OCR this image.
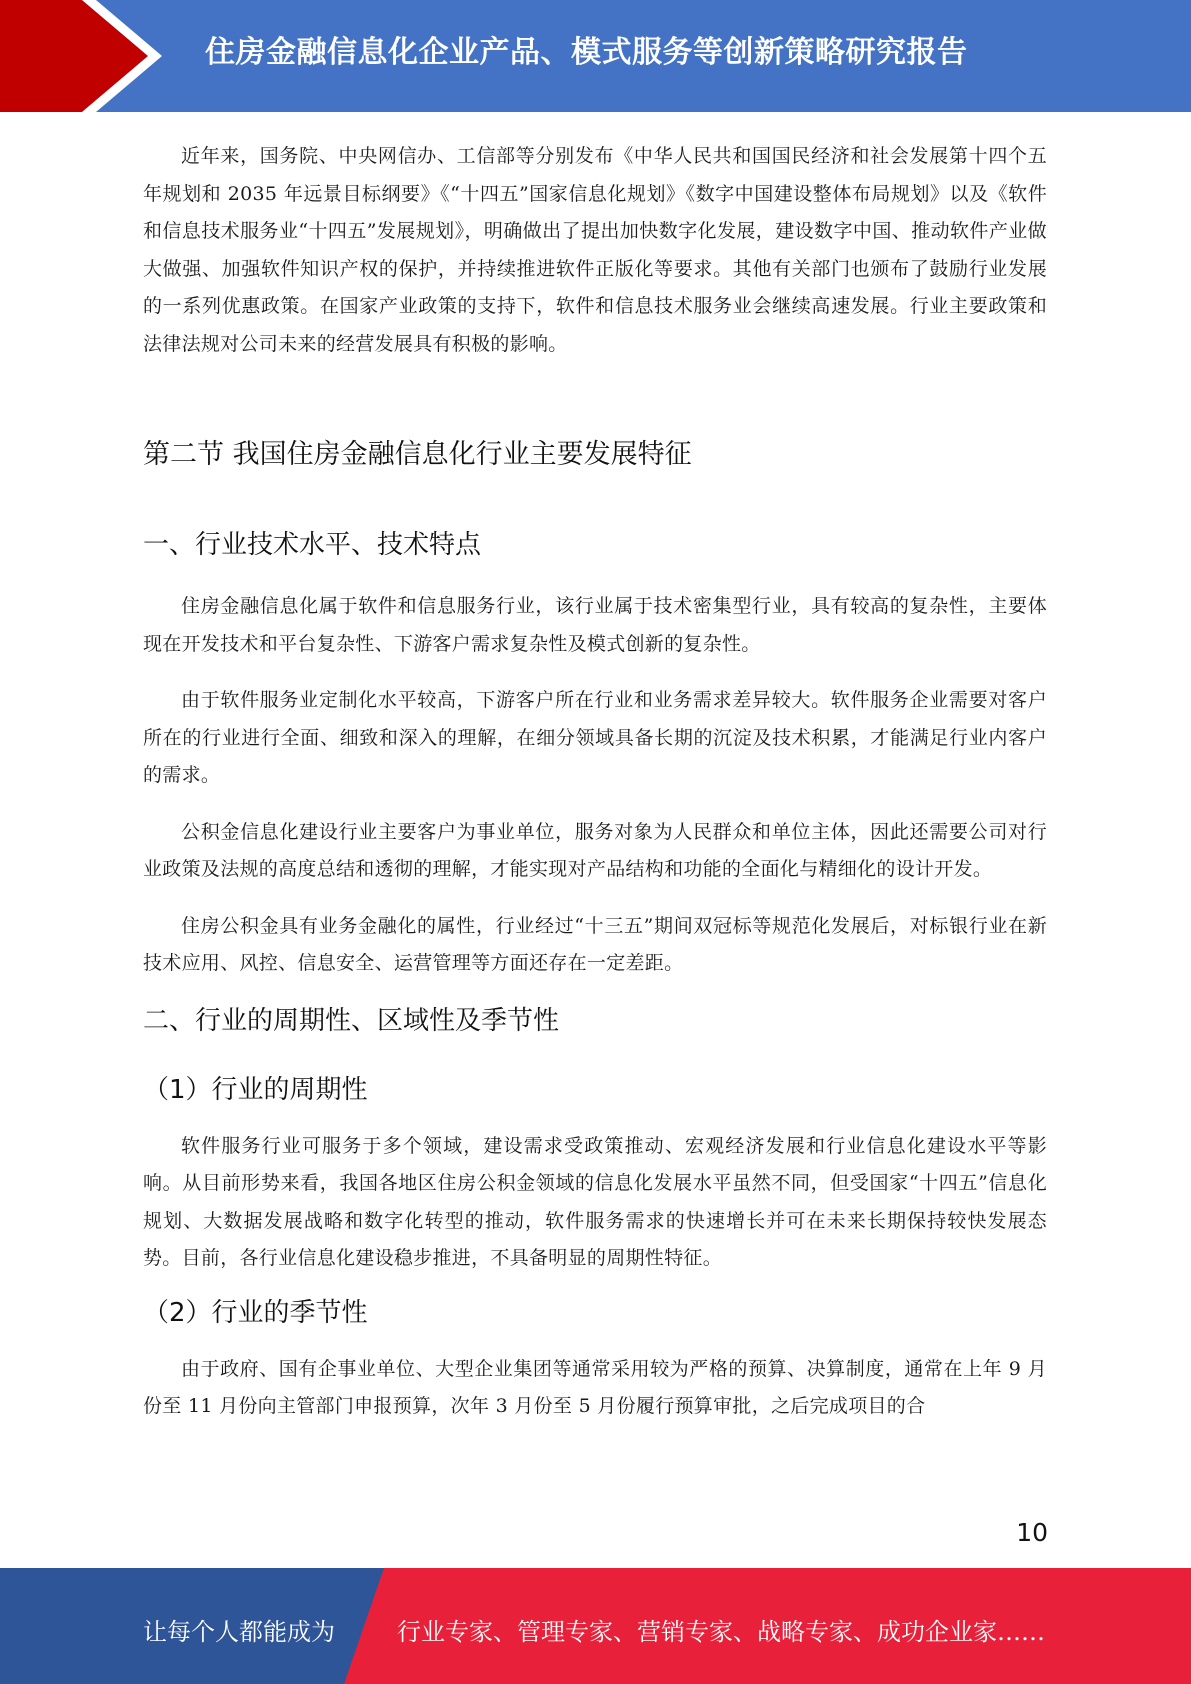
住房金融信息化企业产品、模式服务等创新策略研究报告

近年来，国务院、中央网信办、工信部等分别发布《中华人民共和国国民经济和社会发展第十四个五年规划和 2035 年远景目标纲要》《“十四五”国家信息化规划》《数字中国建设整体布局规划》以及《软件和信息技术服务业“十四五”发展规划》，明确做出了提出加快数字化发展，建设数字中国、推动软件产业做大做强、加强软件知识产权的保护，并持续推进软件正版化等要求。其他有关部门也颁布了鼓励行业发展的一系列优惠政策。在国家产业政策的支持下，软件和信息技术服务业会继续高速发展。行业主要政策和法律法规对公司未来的经营发展具有积极的影响。

第二节 我国住房金融信息化行业主要发展特征
一、行业技术水平、技术特点

住房金融信息化属于软件和信息服务行业，该行业属于技术密集型行业，具有较高的复杂性，主要体现在开发技术和平台复杂性、下游客户需求复杂性及模式创新的复杂性。

由于软件服务业定制化水平较高，下游客户所在行业和业务需求差异较大。软件服务企业需要对客户所在的行业进行全面、细致和深入的理解，在细分领域具备长期的沉淀及技术积累，才能满足行业内客户的需求。

公积金信息化建设行业主要客户为事业单位，服务对象为人民群众和单位主体，因此还需要公司对行业政策及法规的高度总结和透彻的理解，才能实现对产品结构和功能的全面化与精细化的设计开发。

住房公积金具有业务金融化的属性，行业经过“十三五”期间双冠标等规范化发展后，对标银行业在新技术应用、风控、信息安全、运营管理等方面还存在一定差距。

二、行业的周期性、区域性及季节性
（1）行业的周期性

软件服务行业可服务于多个领域，建设需求受政策推动、宏观经济发展和行业信息化建设水平等影响。从目前形势来看，我国各地区住房公积金领域的信息化发展水平虽然不同，但受国家“十四五”信息化规划、大数据发展战略和数字化转型的推动，软件服务需求的快速增长并可在未来长期保持较快发展态势。目前，各行业信息化建设稳步推进，不具备明显的周期性特征。

（2）行业的季节性

由于政府、国有企事业单位、大型企业集团等通常采用较为严格的预算、决算制度，通常在上年 9 月份至 11 月份向主管部门申报预算，次年 3 月份至 5 月份履行预算审批，之后完成项目的合

10
让每个人都能成为	行业专家、管理专家、营销专家、战略专家、成功企业家……
